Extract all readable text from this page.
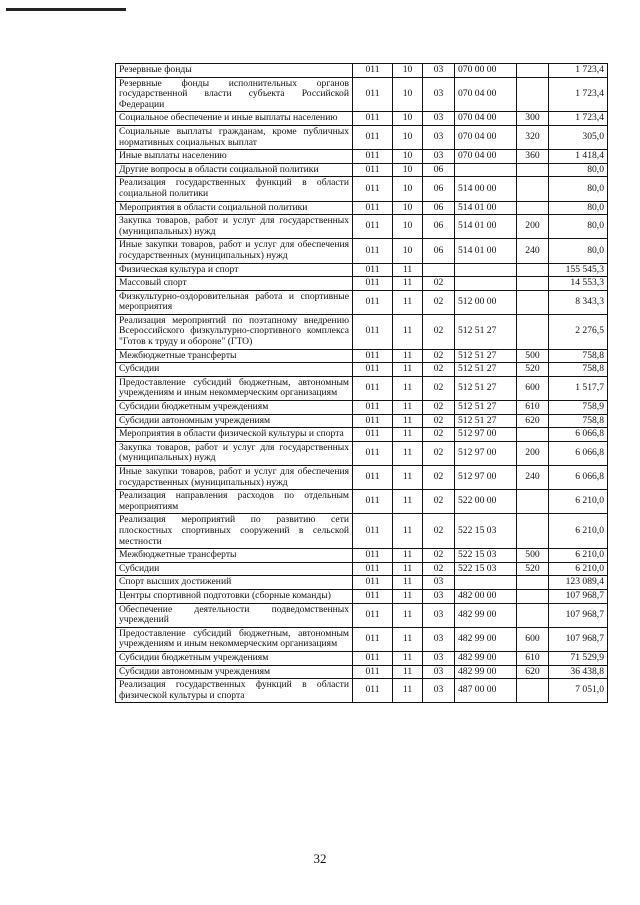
Резервные фонды	011	10	03	070 00 00		1 723,4
Резервные фонды исполнительных органов государственной власти субъекта Российской Федерации	011	10	03	070 04 00		1 723,4
Социальное обеспечение и иные выплаты населению	011	10	03	070 04 00	300	1 723,4
Социальные выплаты гражданам, кроме публичных нормативных социальных выплат	011	10	03	070 04 00	320	305,0
Иные выплаты населению	011	10	03	070 04 00	360	1 418,4
Другие вопросы в области социальной политики	011	10	06			80,0
Реализация государственных функций в области социальной политики	011	10	06	514 00 00		80,0
Мероприятия в области социальной политики	011	10	06	514 01 00		80,0
Закупка товаров, работ и услуг для государственных (муниципальных) нужд	011	10	06	514 01 00	200	80,0
Иные закупки товаров, работ и услуг для обеспечения государственных (муниципальных) нужд	011	10	06	514 01 00	240	80,0
Физическая культура и спорт	011	11				155 545,3
Массовый спорт	011	11	02			14 553,3
Физкультурно-оздоровительная работа и спортивные мероприятия	011	11	02	512 00 00		8 343,3
Реализация мероприятий по поэтапному внедрению Всероссийского физкультурно-спортивного комплекса "Готов к труду и обороне" (ГТО)	011	11	02	512 51 27		2 276,5
Межбюджетные трансферты	011	11	02	512 51 27	500	758,8
Субсидии	011	11	02	512 51 27	520	758,8
Предоставление субсидий бюджетным, автономным учреждениям и иным некоммерческим организациям	011	11	02	512 51 27	600	1 517,7
Субсидии бюджетным учреждениям	011	11	02	512 51 27	610	758,9
Субсидии автономным учреждениям	011	11	02	512 51 27	620	758,8
Мероприятия в области физической культуры и спорта	011	11	02	512 97 00		6 066,8
Закупка товаров, работ и услуг для государственных (муниципальных) нужд	011	11	02	512 97 00	200	6 066,8
Иные закупки товаров, работ и услуг для обеспечения государственных (муниципальных) нужд	011	11	02	512 97 00	240	6 066,8
Реализация направления расходов по отдельным мероприятиям	011	11	02	522 00 00		6 210,0
Реализация мероприятий по развитию сети плоскостных спортивных сооружений в сельской местности	011	11	02	522 15 03		6 210,0
Межбюджетные трансферты	011	11	02	522 15 03	500	6 210,0
Субсидии	011	11	02	522 15 03	520	6 210,0
Спорт высших достижений	011	11	03			123 089,4
Центры спортивной подготовки (сборные команды)	011	11	03	482 00 00		107 968,7
Обеспечение деятельности подведомственных учреждений	011	11	03	482 99 00		107 968,7
Предоставление субсидий бюджетным, автономным учреждениям и иным некоммерческим организациям	011	11	03	482 99 00	600	107 968,7
Субсидии бюджетным учреждениям	011	11	03	482 99 00	610	71 529,9
Субсидии автономным учреждениям	011	11	03	482 99 00	620	36 438,8
Реализация государственных функций в области физической культуры и спорта	011	11	03	487 00 00		7 051,0
32
